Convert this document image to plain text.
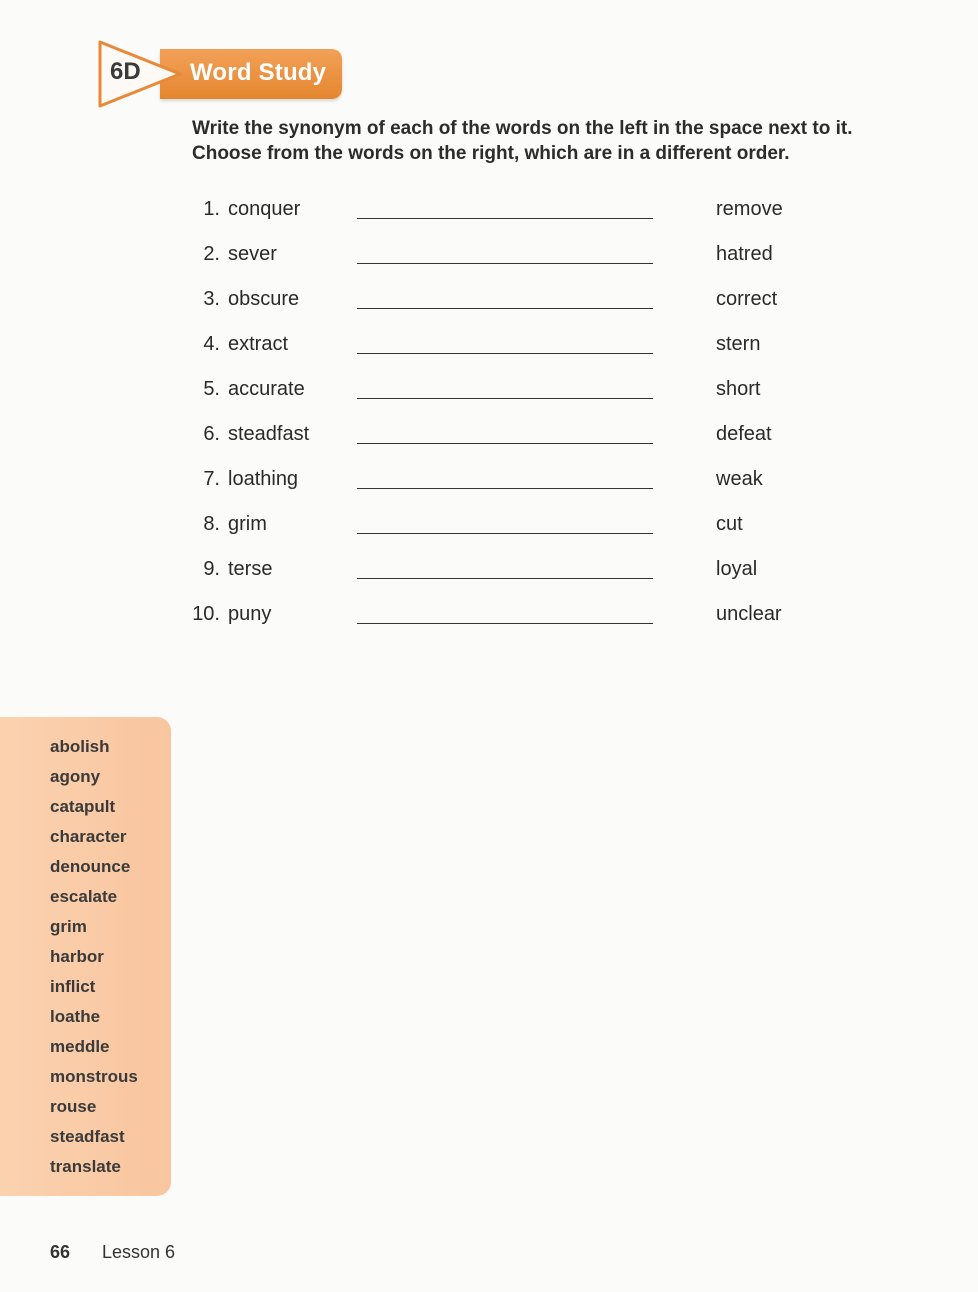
Word Study
6D

Write the synonym of each of the words on the left in the space next to it.

Choose from the words on the right, which are in a different order.

1. conquer	remove
2. sever	hatred
3. obscure	correct
4. extract	stern
5. accurate	short
6. steadfast	defeat
7. loathing	weak
8. grim	cut
9. terse	loyal
10. puny	unclear
abolish
agony
catapult
character
denounce
escalate
grim
harbor
inflict
loathe
meddle
monstrous
rouse
steadfast
translate
66 Lesson 6
